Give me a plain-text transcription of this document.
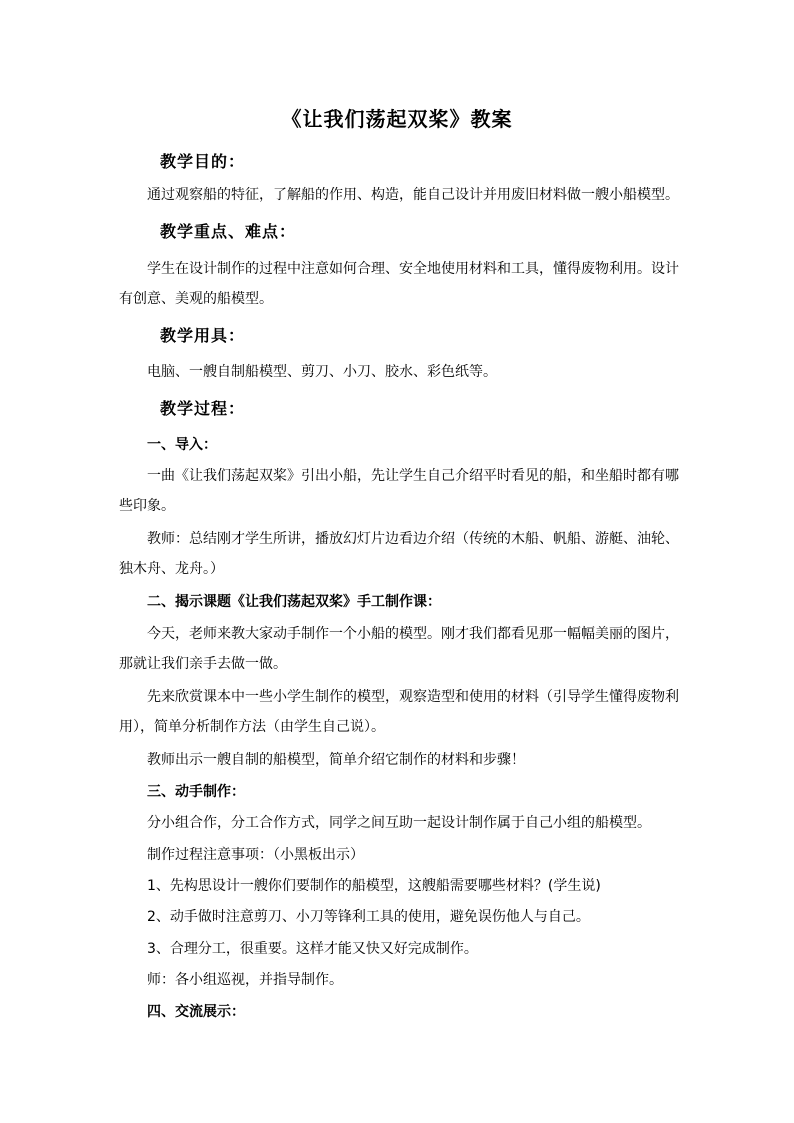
《让我们荡起双桨》教案
教学目的：
通过观察船的特征，了解船的作用、构造，能自己设计并用废旧材料做一艘小船模型。
教学重点、难点：
学生在设计制作的过程中注意如何合理、安全地使用材料和工具，懂得废物利用。设计
有创意、美观的船模型。
教学用具：
电脑、一艘自制船模型、剪刀、小刀、胶水、彩色纸等。
教学过程：
一、导入：
一曲《让我们荡起双桨》引出小船，先让学生自己介绍平时看见的船，和坐船时都有哪
些印象。
教师：总结刚才学生所讲，播放幻灯片边看边介绍（传统的木船、帆船、游艇、油轮、
独木舟、龙舟。）
二、揭示课题《让我们荡起双桨》手工制作课：
今天，老师来教大家动手制作一个小船的模型。刚才我们都看见那一幅幅美丽的图片，
那就让我们亲手去做一做。
先来欣赏课本中一些小学生制作的模型，观察造型和使用的材料（引导学生懂得废物利
用），简单分析制作方法（由学生自己说）。
教师出示一艘自制的船模型，简单介绍它制作的材料和步骤！
三、动手制作：
分小组合作，分工合作方式，同学之间互助一起设计制作属于自己小组的船模型。
制作过程注意事项：（小黑板出示）
1、先构思设计一艘你们要制作的船模型，这艘船需要哪些材料？(学生说)
2、动手做时注意剪刀、小刀等锋利工具的使用，避免误伤他人与自己。
3、合理分工，很重要。这样才能又快又好完成制作。
师：各小组巡视，并指导制作。
四、交流展示：
